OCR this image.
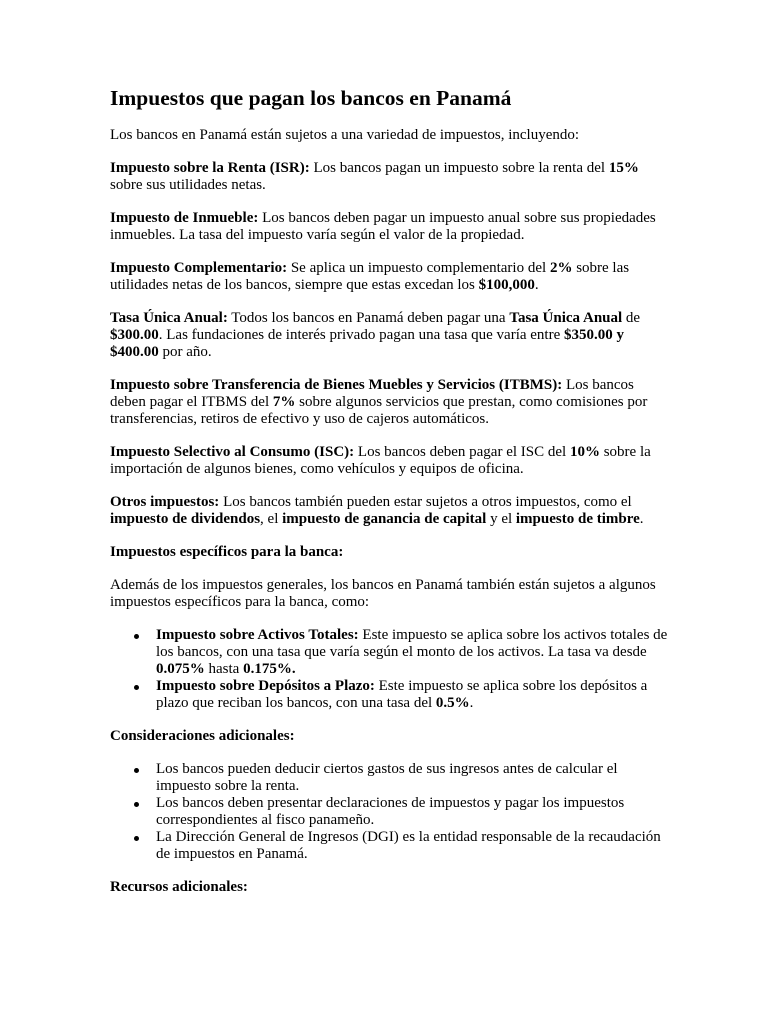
Impuestos que pagan los bancos en Panamá

Los bancos en Panamá están sujetos a una variedad de impuestos, incluyendo:

Impuesto sobre la Renta (ISR): Los bancos pagan un impuesto sobre la renta del 15% sobre sus utilidades netas.

Impuesto de Inmueble: Los bancos deben pagar un impuesto anual sobre sus propiedades inmuebles. La tasa del impuesto varía según el valor de la propiedad.

Impuesto Complementario: Se aplica un impuesto complementario del 2% sobre las utilidades netas de los bancos, siempre que estas excedan los $100,000.

Tasa Única Anual: Todos los bancos en Panamá deben pagar una Tasa Única Anual de $300.00. Las fundaciones de interés privado pagan una tasa que varía entre $350.00 y $400.00 por año.

Impuesto sobre Transferencia de Bienes Muebles y Servicios (ITBMS): Los bancos deben pagar el ITBMS del 7% sobre algunos servicios que prestan, como comisiones por transferencias, retiros de efectivo y uso de cajeros automáticos.

Impuesto Selectivo al Consumo (ISC): Los bancos deben pagar el ISC del 10% sobre la importación de algunos bienes, como vehículos y equipos de oficina.

Otros impuestos: Los bancos también pueden estar sujetos a otros impuestos, como el impuesto de dividendos, el impuesto de ganancia de capital y el impuesto de timbre.

Impuestos específicos para la banca:

Además de los impuestos generales, los bancos en Panamá también están sujetos a algunos impuestos específicos para la banca, como:

Impuesto sobre Activos Totales: Este impuesto se aplica sobre los activos totales de los bancos, con una tasa que varía según el monto de los activos. La tasa va desde 0.075% hasta 0.175%.
Impuesto sobre Depósitos a Plazo: Este impuesto se aplica sobre los depósitos a plazo que reciban los bancos, con una tasa del 0.5%.

Consideraciones adicionales:

Los bancos pueden deducir ciertos gastos de sus ingresos antes de calcular el impuesto sobre la renta.
Los bancos deben presentar declaraciones de impuestos y pagar los impuestos correspondientes al fisco panameño.
La Dirección General de Ingresos (DGI) es la entidad responsable de la recaudación de impuestos en Panamá.

Recursos adicionales:
